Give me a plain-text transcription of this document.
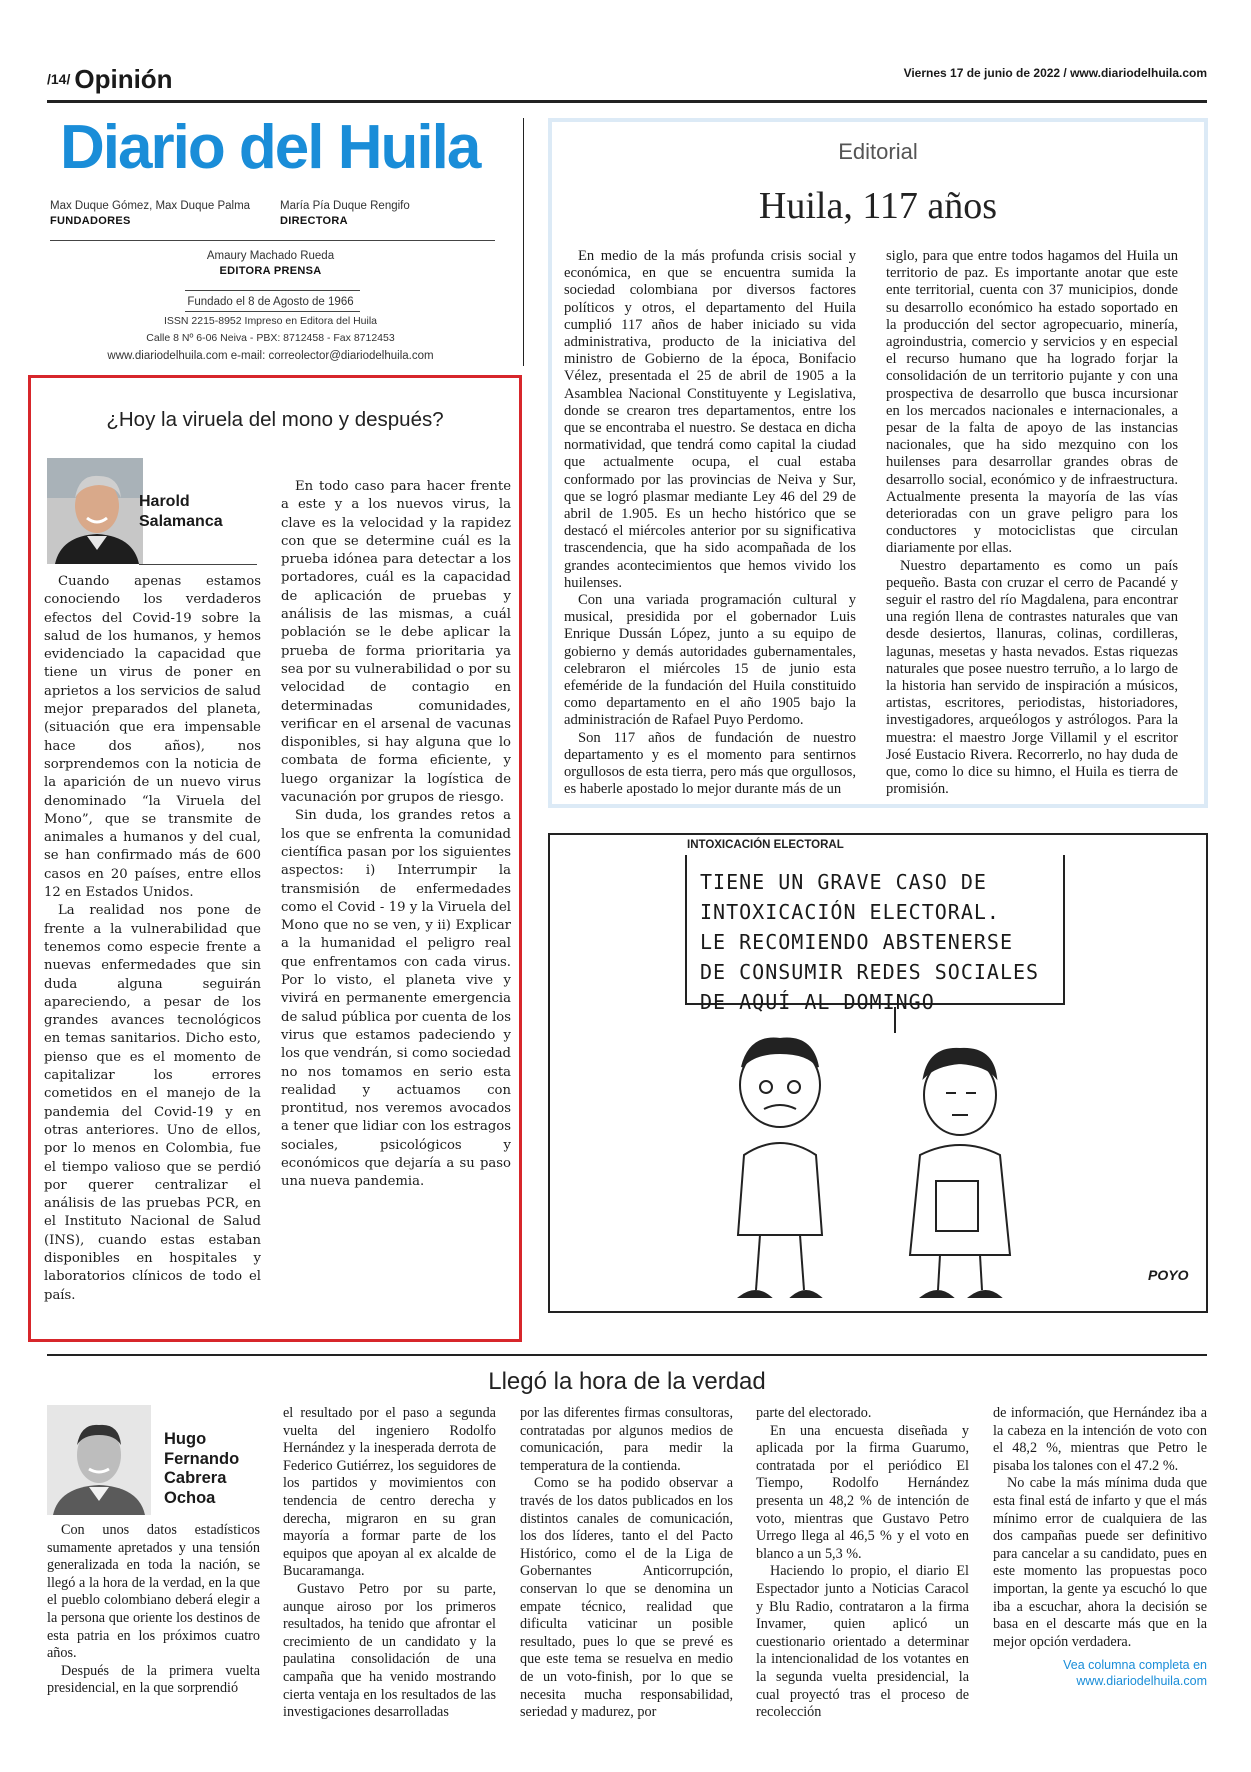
/14/ Opinión	Viernes 17 de junio de 2022 / www.diariodelhuila.com
Diario del Huila
Max Duque Gómez, Max Duque Palma
FUNDADORES
María Pía Duque Rengifo
DIRECTORA
Amaury Machado Rueda
EDITORA PRENSA
Fundado el 8 de Agosto de 1966
ISSN 2215-8952 Impreso en Editora del Huila
Calle 8 Nº 6-06 Neiva - PBX: 8712458 - Fax 8712453
www.diariodelhuila.com e-mail: correolector@diariodelhuila.com
Editorial
Huila, 117 años

En medio de la más profunda crisis social y económica, en que se encuentra sumida la sociedad colombiana por diversos factores políticos y otros, el departamento del Huila cumplió 117 años de haber iniciado su vida administrativa, producto de la iniciativa del ministro de Gobierno de la época, Bonifacio Vélez, presentada el 25 de abril de 1905 a la Asamblea Nacional Constituyente y Legislativa, donde se crearon tres departamentos, entre los que se encontraba el nuestro. Se destaca en dicha normatividad, que tendrá como capital la ciudad que actualmente ocupa, el cual estaba conformado por las provincias de Neiva y Sur, que se logró plasmar mediante Ley 46 del 29 de abril de 1.905. Es un hecho histórico que se destacó el miércoles anterior por su significativa trascendencia, que ha sido acompañada de los grandes acontecimientos que hemos vivido los huilenses.

Con una variada programación cultural y musical, presidida por el gobernador Luis Enrique Dussán López, junto a su equipo de gobierno y demás autoridades gubernamentales, celebraron el miércoles 15 de junio esta efeméride de la fundación del Huila constituido como departamento en el año 1905 bajo la administración de Rafael Puyo Perdomo.

Son 117 años de fundación de nuestro departamento y es el momento para sentirnos orgullosos de esta tierra, pero más que orgullosos, es haberle apostado lo mejor durante más de un

siglo, para que entre todos hagamos del Huila un territorio de paz. Es importante anotar que este ente territorial, cuenta con 37 municipios, donde su desarrollo económico ha estado soportado en la producción del sector agropecuario, minería, agroindustria, comercio y servicios y en especial el recurso humano que ha logrado forjar la consolidación de un territorio pujante y con una prospectiva de desarrollo que busca incursionar en los mercados nacionales e internacionales, a pesar de la falta de apoyo de las instancias nacionales, que ha sido mezquino con los huilenses para desarrollar grandes obras de desarrollo social, económico y de infraestructura. Actualmente presenta la mayoría de las vías deterioradas con un grave peligro para los conductores y motociclistas que circulan diariamente por ellas.

Nuestro departamento es como un país pequeño. Basta con cruzar el cerro de Pacandé y seguir el rastro del río Magdalena, para encontrar una región llena de contrastes naturales que van desde desiertos, llanuras, colinas, cordilleras, lagunas, mesetas y hasta nevados. Estas riquezas naturales que posee nuestro terruño, a lo largo de la historia han servido de inspiración a músicos, artistas, escritores, periodistas, historiadores, investigadores, arqueólogos y astrólogos. Para la muestra: el maestro Jorge Villamil y el escritor José Eustacio Rivera. Recorrerlo, no hay duda de que, como lo dice su himno, el Huila es tierra de promisión.

¿Hoy la viruela del mono y después?
Harold
Salamanca

Cuando apenas estamos conociendo los verdaderos efectos del Covid-19 sobre la salud de los humanos, y hemos evidenciado la capacidad que tiene un virus de poner en aprietos a los servicios de salud mejor preparados del planeta, (situación que era impensable hace dos años), nos sorprendemos con la noticia de la aparición de un nuevo virus denominado “la Viruela del Mono”, que se transmite de animales a humanos y del cual, se han confirmado más de 600 casos en 20 países, entre ellos 12 en Estados Unidos.

La realidad nos pone de frente a la vulnerabilidad que tenemos como especie frente a nuevas enfermedades que sin duda alguna seguirán apareciendo, a pesar de los grandes avances tecnológicos en temas sanitarios. Dicho esto, pienso que es el momento de capitalizar los errores cometidos en el manejo de la pandemia del Covid-19 y en otras anteriores. Uno de ellos, por lo menos en Colombia, fue el tiempo valioso que se perdió por querer centralizar el análisis de las pruebas PCR, en el Instituto Nacional de Salud (INS), cuando estas estaban disponibles en hospitales y laboratorios clínicos de todo el país.

En todo caso para hacer frente a este y a los nuevos virus, la clave es la velocidad y la rapidez con que se determine cuál es la prueba idónea para detectar a los portadores, cuál es la capacidad de aplicación de pruebas y análisis de las mismas, a cuál población se le debe aplicar la prueba de forma prioritaria ya sea por su vulnerabilidad o por su velocidad de contagio en determinadas comunidades, verificar en el arsenal de vacunas disponibles, si hay alguna que lo combata de forma eficiente, y luego organizar la logística de vacunación por grupos de riesgo.

Sin duda, los grandes retos a los que se enfrenta la comunidad científica pasan por los siguientes aspectos: i) Interrumpir la transmisión de enfermedades como el Covid - 19 y la Viruela del Mono que no se ven, y ii) Explicar a la humanidad el peligro real que enfrentamos con cada virus. Por lo visto, el planeta vive y vivirá en permanente emergencia de salud pública por cuenta de los virus que estamos padeciendo y los que vendrán, si como sociedad no nos tomamos en serio esta realidad y actuamos con prontitud, nos veremos avocados a tener que lidiar con los estragos sociales, psicológicos y económicos que dejaría a su paso una nueva pandemia.

INTOXICACIÓN ELECTORAL
TIENE UN GRAVE CASO DE
INTOXICACIÓN ELECTORAL.
LE RECOMIENDO ABSTENERSE
DE CONSUMIR REDES SOCIALES
DE AQUÍ AL DOMINGO
POYO
Llegó la hora de la verdad
Hugo
Fernando
Cabrera
Ochoa

Con unos datos estadísticos sumamente apretados y una tensión generalizada en toda la nación, se llegó a la hora de la verdad, en la que el pueblo colombiano deberá elegir a la persona que oriente los destinos de esta patria en los próximos cuatro años.

Después de la primera vuelta presidencial, en la que sorprendió

el resultado por el paso a segunda vuelta del ingeniero Rodolfo Hernández y la inesperada derrota de Federico Gutiérrez, los seguidores de los partidos y movimientos con tendencia de centro derecha y derecha, migraron en su gran mayoría a formar parte de los equipos que apoyan al ex alcalde de Bucaramanga.

Gustavo Petro por su parte, aunque airoso por los primeros resultados, ha tenido que afrontar el crecimiento de un candidato y la paulatina consolidación de una campaña que ha venido mostrando cierta ventaja en los resultados de las investigaciones desarrolladas

por las diferentes firmas consultoras, contratadas por algunos medios de comunicación, para medir la temperatura de la contienda.

Como se ha podido observar a través de los datos publicados en los distintos canales de comunicación, los dos líderes, tanto el del Pacto Histórico, como el de la Liga de Gobernantes Anticorrupción, conservan lo que se denomina un empate técnico, realidad que dificulta vaticinar un posible resultado, pues lo que se prevé es que este tema se resuelva en medio de un voto-finish, por lo que se necesita mucha responsabilidad, seriedad y madurez, por

parte del electorado.

En una encuesta diseñada y aplicada por la firma Guarumo, contratada por el periódico El Tiempo, Rodolfo Hernández presenta un 48,2 % de intención de voto, mientras que Gustavo Petro Urrego llega al 46,5 % y el voto en blanco a un 5,3 %.

Haciendo lo propio, el diario El Espectador junto a Noticias Caracol y Blu Radio, contrataron a la firma Invamer, quien aplicó un cuestionario orientado a determinar la intencionalidad de los votantes en la segunda vuelta presidencial, la cual proyectó tras el proceso de recolección

de información, que Hernández iba a la cabeza en la intención de voto con el 48,2 %, mientras que Petro le pisaba los talones con el 47.2 %.

No cabe la más mínima duda que esta final está de infarto y que el más mínimo error de cualquiera de las dos campañas puede ser definitivo para cancelar a su candidato, pues en este momento las propuestas poco importan, la gente ya escuchó lo que iba a escuchar, ahora la decisión se basa en el descarte más que en la mejor opción verdadera.

Vea columna completa en
www.diariodelhuila.com
